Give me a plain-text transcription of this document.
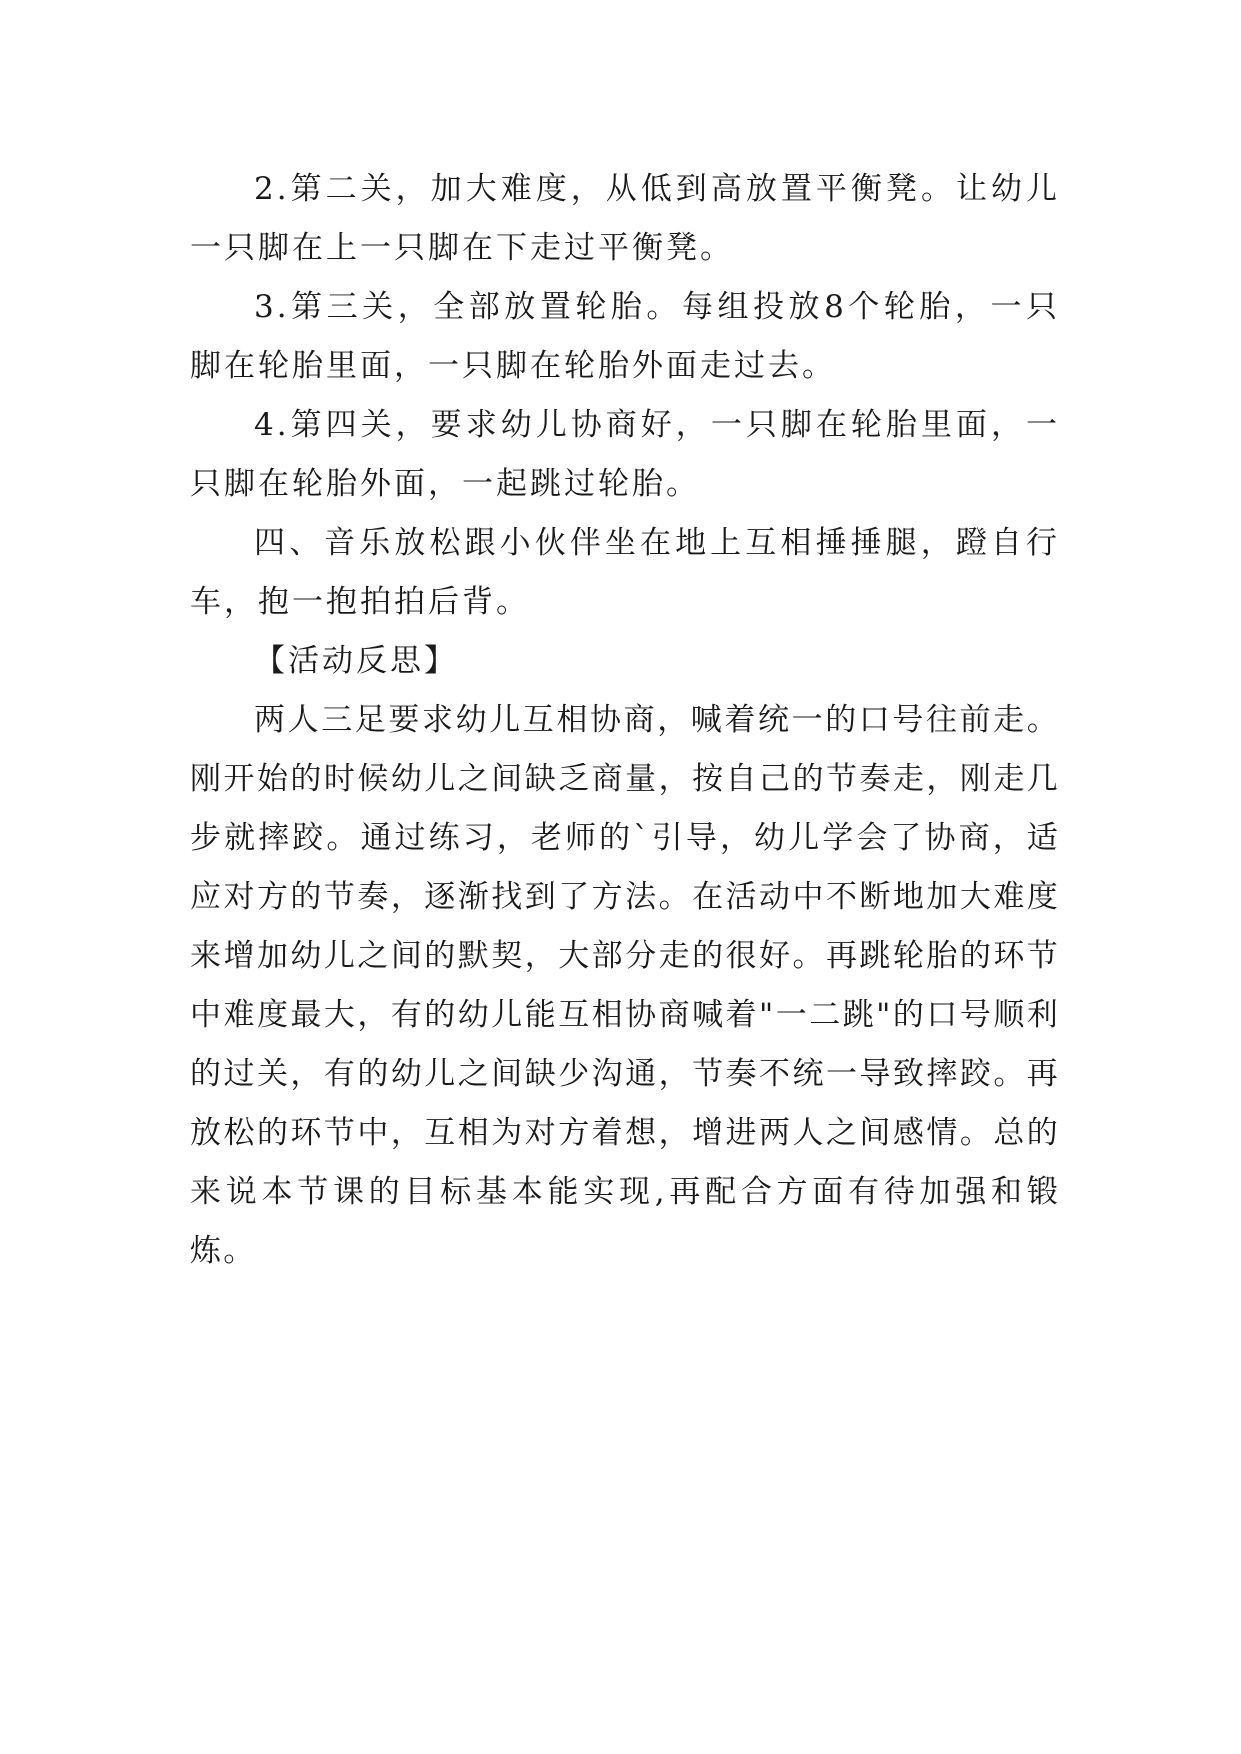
2.第二关，加大难度，从低到高放置平衡凳。让幼儿一只脚在上一只脚在下走过平衡凳。

3.第三关，全部放置轮胎。每组投放8个轮胎，一只脚在轮胎里面，一只脚在轮胎外面走过去。

4.第四关，要求幼儿协商好，一只脚在轮胎里面，一只脚在轮胎外面，一起跳过轮胎。

四、音乐放松跟小伙伴坐在地上互相捶捶腿，蹬自行车，抱一抱拍拍后背。

【活动反思】

两人三足要求幼儿互相协商，喊着统一的口号往前走。刚开始的时候幼儿之间缺乏商量，按自己的节奏走，刚走几步就摔跤。通过练习，老师的`引导，幼儿学会了协商，适应对方的节奏，逐渐找到了方法。在活动中不断地加大难度来增加幼儿之间的默契，大部分走的很好。再跳轮胎的环节中难度最大，有的幼儿能互相协商喊着"一二跳"的口号顺利的过关，有的幼儿之间缺少沟通，节奏不统一导致摔跤。再放松的环节中，互相为对方着想，增进两人之间感情。总的来说本节课的目标基本能实现,再配合方面有待加强和锻炼。
